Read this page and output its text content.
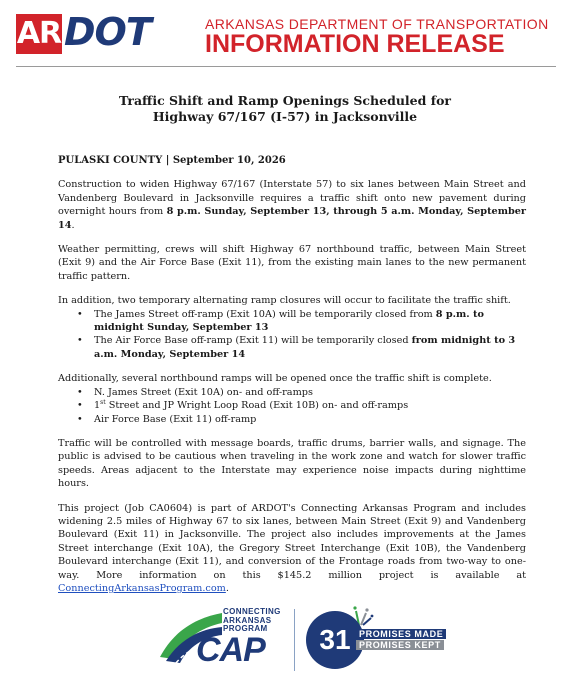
AR DOT	ARKANSAS DEPARTMENT OF TRANSPORTATION
INFORMATION RELEASE
Traffic Shift and Ramp Openings Scheduled for
Highway 67/167 (I-57) in Jacksonville

PULASKI COUNTY | September 10, 2026

Construction to widen Highway 67/167 (Interstate 57) to six lanes between Main Street and Vandenberg Boulevard in Jacksonville requires a traffic shift onto new pavement during overnight hours from 8 p.m. Sunday, September 13, through 5 a.m. Monday, September 14.

Weather permitting, crews will shift Highway 67 northbound traffic, between Main Street (Exit 9) and the Air Force Base (Exit 11), from the existing main lanes to the new permanent traffic pattern.

In addition, two temporary alternating ramp closures will occur to facilitate the traffic shift.

• The James Street off-ramp (Exit 10A) will be temporarily closed from 8 p.m. to midnight Sunday, September 13
• The Air Force Base off-ramp (Exit 11) will be temporarily closed from midnight to 3 a.m. Monday, September 14

Additionally, several northbound ramps will be opened once the traffic shift is complete.

• N. James Street (Exit 10A) on- and off-ramps
• 1st Street and JP Wright Loop Road (Exit 10B) on- and off-ramps
• Air Force Base (Exit 11) off-ramp

Traffic will be controlled with message boards, traffic drums, barrier walls, and signage. The public is advised to be cautious when traveling in the work zone and watch for slower traffic speeds. Areas adjacent to the Interstate may experience noise impacts during nighttime hours.

This project (Job CA0604) is part of ARDOT's Connecting Arkansas Program and includes widening 2.5 miles of Highway 67 to six lanes, between Main Street (Exit 9) and Vandenberg Boulevard (Exit 11) in Jacksonville. The project also includes improvements at the James Street interchange (Exit 10A), the Gregory Street Interchange (Exit 10B), the Vandenberg Boulevard interchange (Exit 11), and conversion of the Frontage roads from two-way to one-way. More information on this $145.2 million project is available at ConnectingArkansasProgram.com.

CONNECTING
ARKANSAS
PROGRAM
CAP	31 PROMISES MADE
PROMISES KEPT
